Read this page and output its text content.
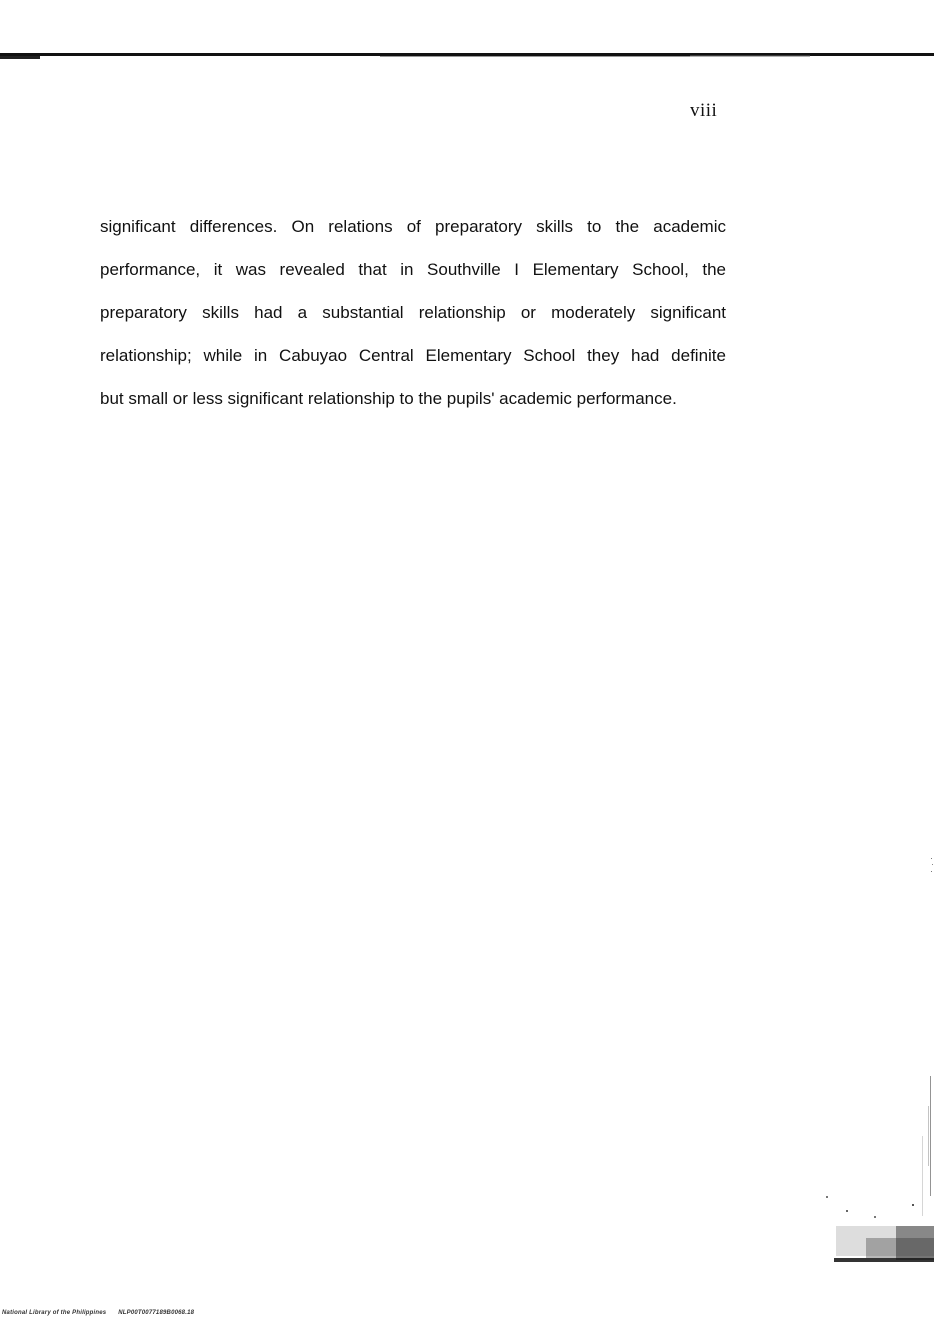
viii
significant differences. On relations of preparatory skills to the academic
performance, it was revealed that in Southville I Elementary School, the
preparatory skills had a substantial relationship or moderately significant
relationship; while in Cabuyao Central Elementary School they had definite
but small or less significant relationship to the pupils' academic performance.
National Library of the Philippines NLP00T0077189B0068.18
